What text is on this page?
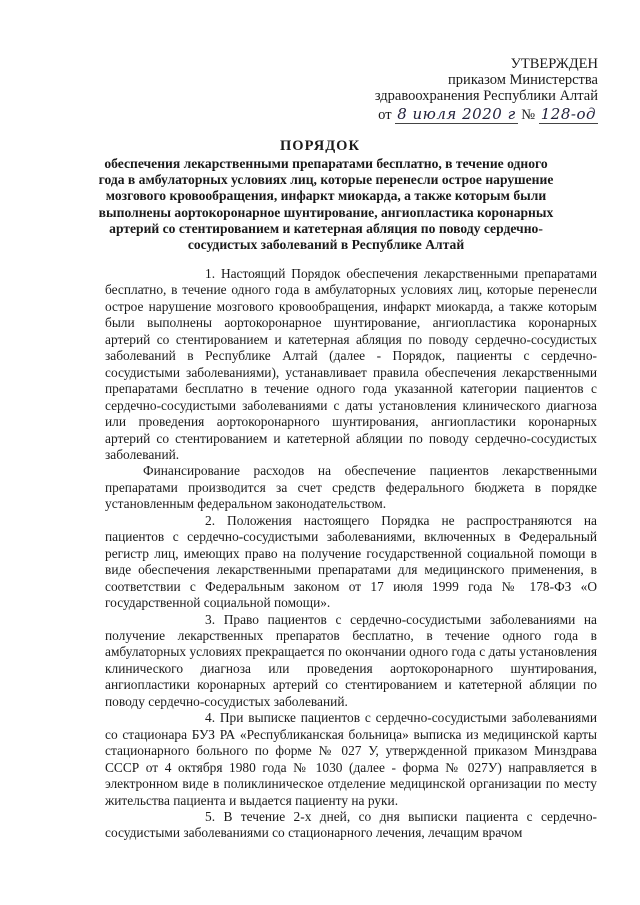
УТВЕРЖДЕН
приказом Министерства
здравоохранения Республики Алтай
от 8 июля 2020 г № 128-од
ПОРЯДОК
обеспечения лекарственными препаратами бесплатно, в течение одного года в амбулаторных условиях лиц, которые перенесли острое нарушение мозгового кровообращения, инфаркт миокарда, а также которым были выполнены аортокоронарное шунтирование, ангиопластика коронарных артерий со стентированием и катетерная абляция по поводу сердечно-сосудистых заболеваний в Республике Алтай

1. Настоящий Порядок обеспечения лекарственными препаратами бесплатно, в течение одного года в амбулаторных условиях лиц, которые перенесли острое нарушение мозгового кровообращения, инфаркт миокарда, а также которым были выполнены аортокоронарное шунтирование, ангиопластика коронарных артерий со стентированием и катетерная абляция по поводу сердечно-сосудистых заболеваний в Республике Алтай (далее - Порядок, пациенты с сердечно-сосудистыми заболеваниями), устанавливает правила обеспечения лекарственными препаратами бесплатно в течение одного года указанной категории пациентов с сердечно-сосудистыми заболеваниями с даты установления клинического диагноза или проведения аортокоронарного шунтирования, ангиопластики коронарных артерий со стентированием и катетерной абляции по поводу сердечно-сосудистых заболеваний.

Финансирование расходов на обеспечение пациентов лекарственными препаратами производится за счет средств федерального бюджета в порядке установленным федеральном законодательством.

2. Положения настоящего Порядка не распространяются на пациентов с сердечно-сосудистыми заболеваниями, включенных в Федеральный регистр лиц, имеющих право на получение государственной социальной помощи в виде обеспечения лекарственными препаратами для медицинского применения, в соответствии с Федеральным законом от 17 июля 1999 года № 178-ФЗ «О государственной социальной помощи».

3. Право пациентов с сердечно-сосудистыми заболеваниями на получение лекарственных препаратов бесплатно, в течение одного года в амбулаторных условиях прекращается по окончании одного года с даты установления клинического диагноза или проведения аортокоронарного шунтирования, ангиопластики коронарных артерий со стентированием и катетерной абляции по поводу сердечно-сосудистых заболеваний.

4. При выписке пациентов с сердечно-сосудистыми заболеваниями со стационара БУЗ РА «Республиканская больница» выписка из медицинской карты стационарного больного по форме № 027 У, утвержденной приказом Минздрава СССР от 4 октября 1980 года № 1030 (далее - форма № 027У) направляется в электронном виде в поликлиническое отделение медицинской организации по месту жительства пациента и выдается пациенту на руки.

5. В течение 2-х дней, со дня выписки пациента с сердечно-сосудистыми заболеваниями со стационарного лечения, лечащим врачом
